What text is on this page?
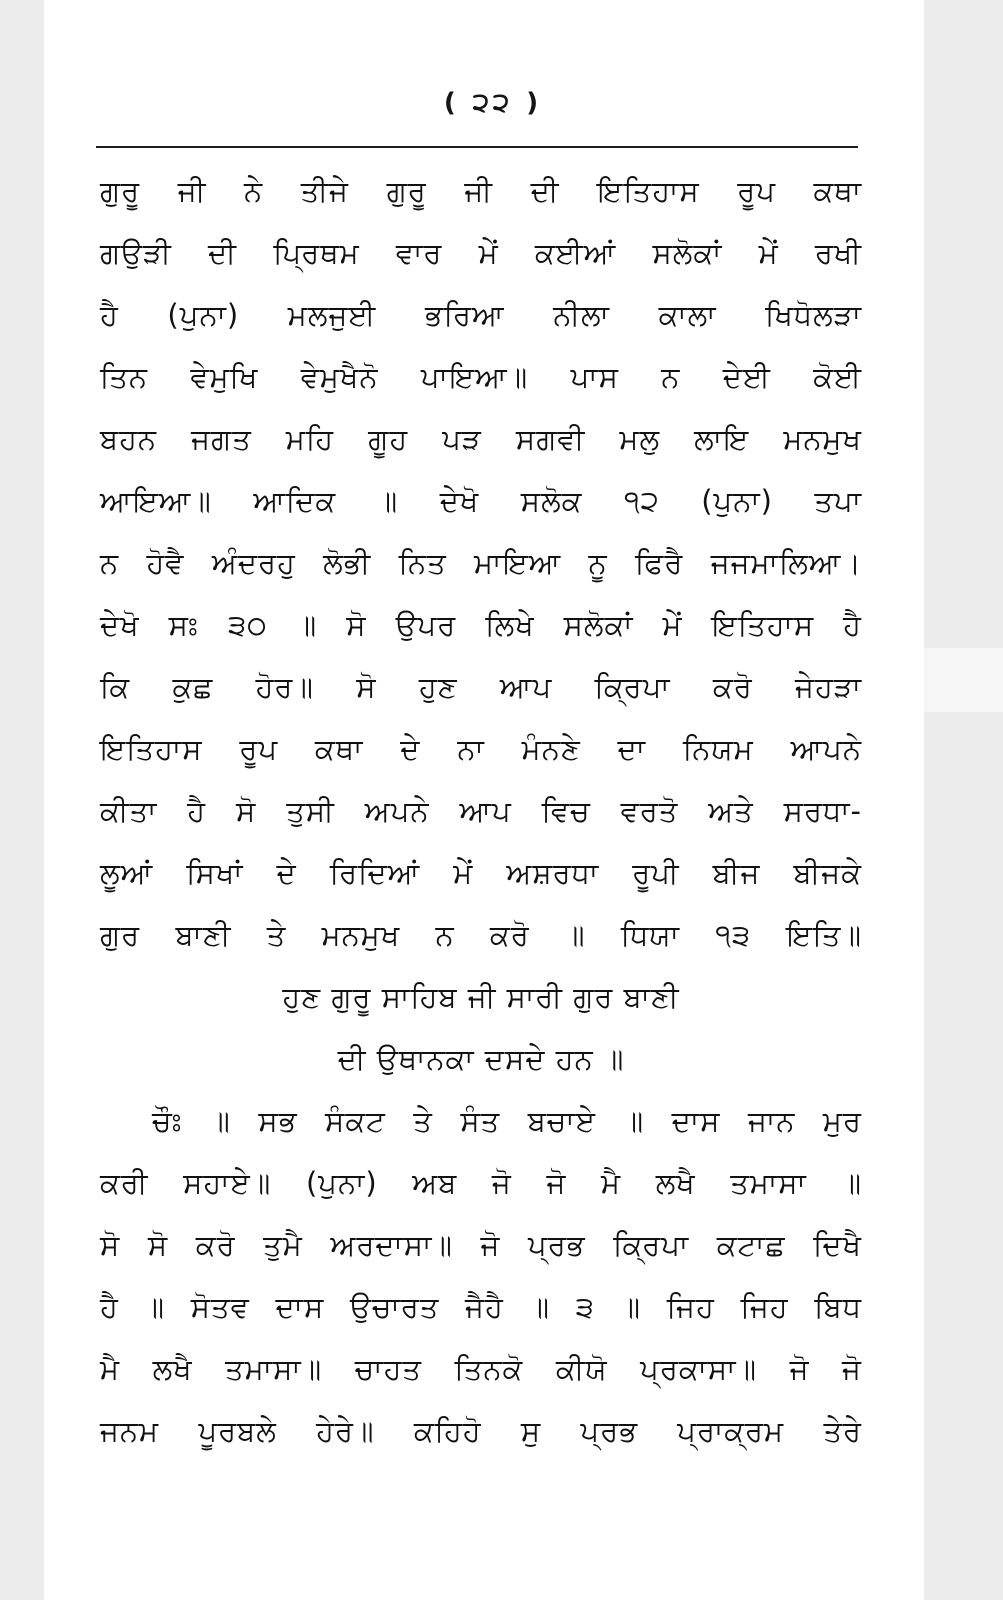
( ੨੨ )
ਗੁਰੂ ਜੀ ਨੇ ਤੀਜੇ ਗੁਰੂ ਜੀ ਦੀ ਇਤਿਹਾਸ ਰੂਪ ਕਥਾ
ਗਉੜੀ ਦੀ ਪ੍ਰਿਥਮ ਵਾਰ ਮੇਂ ਕਈਆਂ ਸਲੋਕਾਂ ਮੇਂ ਰਖੀ
ਹੈ (ਪੁਨਾ) ਮਲਜੁਈ ਭਰਿਆ ਨੀਲਾ ਕਾਲਾ ਖਿਧੋਲੜਾ
ਤਿਨ ਵੇਮੁਖਿ ਵੇਮੁਖੈਨੋ ਪਾਇਆ॥ ਪਾਸ ਨ ਦੇਈ ਕੋਈ
ਬਹਨ ਜਗਤ ਮਹਿ ਗੂਹ ਪੜ ਸਗਵੀ ਮਲੁ ਲਾਇ ਮਨਮੁਖ
ਆਇਆ॥ ਆਦਿਕ ॥ ਦੇਖੋ ਸਲੋਕ ੧੨ (ਪੁਨਾ) ਤਪਾ
ਨ ਹੋਵੈ ਅੰਦਰਹੁ ਲੋਭੀ ਨਿਤ ਮਾਇਆ ਨੂ ਫਿਰੈ ਜਜਮਾਲਿਆ।
ਦੇਖੋ ਸਃ ੩੦ ॥ ਸੋ ਉਪਰ ਲਿਖੇ ਸਲੋਕਾਂ ਮੇਂ ਇਤਿਹਾਸ ਹੈ
ਕਿ ਕੁਛ ਹੋਰ॥ ਸੋ ਹੁਣ ਆਪ ਕ੍ਰਿਪਾ ਕਰੋ ਜੇਹੜਾ
ਇਤਿਹਾਸ ਰੂਪ ਕਥਾ ਦੇ ਨਾ ਮੰਨਣੇ ਦਾ ਨਿਯਮ ਆਪਨੇ
ਕੀਤਾ ਹੈ ਸੋ ਤੁਸੀ ਅਪਨੇ ਆਪ ਵਿਚ ਵਰਤੋ ਅਤੇ ਸਰਧਾ-
ਲੂਆਂ ਸਿਖਾਂ ਦੇ ਰਿਦਿਆਂ ਮੇਂ ਅਸ਼ਰਧਾ ਰੂਪੀ ਬੀਜ ਬੀਜਕੇ
ਗੁਰ ਬਾਣੀ ਤੇ ਮਨਮੁਖ ਨ ਕਰੋ ॥ ਧਿਯਾ ੧੩ ਇਤਿ॥
ਹੁਣ ਗੁਰੂ ਸਾਹਿਬ ਜੀ ਸਾਰੀ ਗੁਰ ਬਾਣੀ
ਦੀ ਉਥਾਨਕਾ ਦਸਦੇ ਹਨ ॥
ਚੌਃ ॥ ਸਭ ਸੰਕਟ ਤੇ ਸੰਤ ਬਚਾਏ ॥ ਦਾਸ ਜਾਨ ਮੁਰ
ਕਰੀ ਸਹਾਏ॥ (ਪੁਨਾ) ਅਬ ਜੋ ਜੋ ਮੈ ਲਖੈ ਤਮਾਸਾ ॥
ਸੋ ਸੋ ਕਰੋ ਤੁਮੈ ਅਰਦਾਸਾ॥ ਜੋ ਪ੍ਰਭ ਕ੍ਰਿਪਾ ਕਟਾਛ ਦਿਖੈ
ਹੈ ॥ ਸੋਤਵ ਦਾਸ ਉਚਾਰਤ ਜੈਹੈ ॥ ੩ ॥ ਜਿਹ ਜਿਹ ਬਿਧ
ਮੈ ਲਖੈ ਤਮਾਸਾ॥ ਚਾਹਤ ਤਿਨਕੋ ਕੀਯੋ ਪ੍ਰਕਾਸਾ॥ ਜੋ ਜੋ
ਜਨਮ ਪੂਰਬਲੇ ਹੇਰੇ॥ ਕਹਿਹੋ ਸੁ ਪ੍ਰਭ ਪ੍ਰਾਕ੍ਰਮ ਤੇਰੇ
